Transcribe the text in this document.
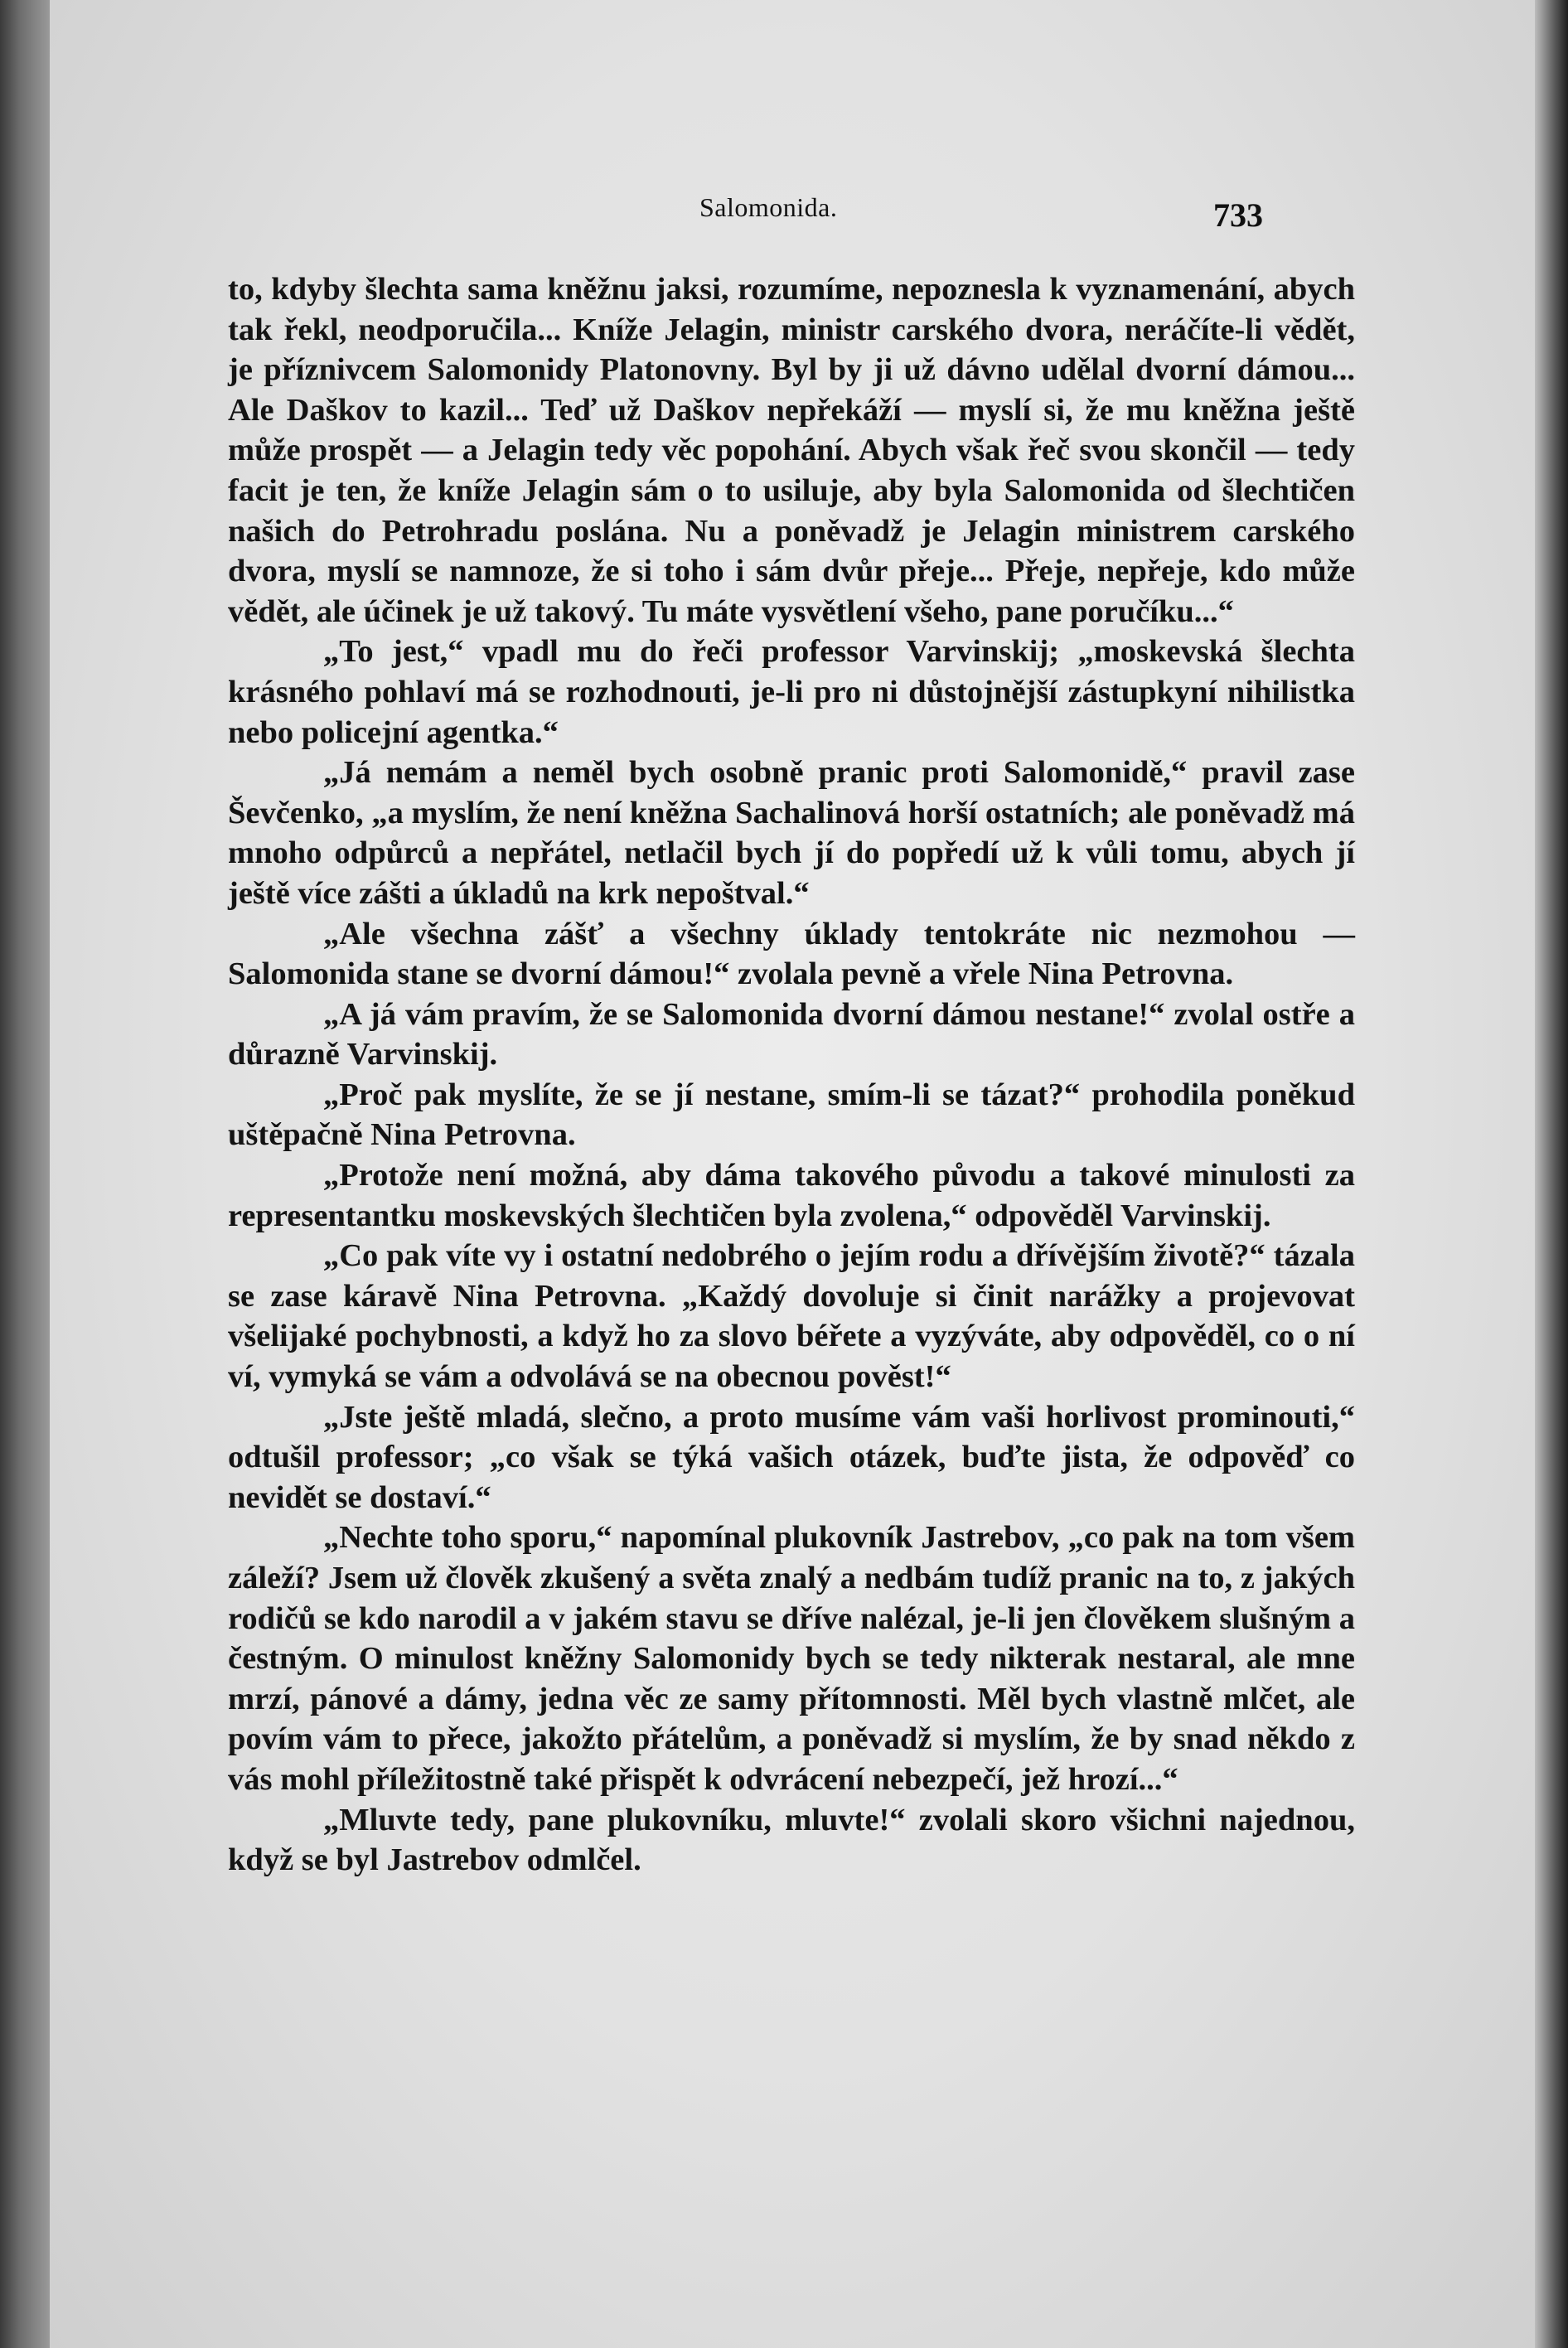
Salomonida.	733

to, kdyby šlechta sama kněžnu jaksi, rozumíme, nepoznesla k vyznamenání, abych tak řekl, neodporučila... Kníže Jelagin, ministr carského dvora, neráčíte-li vědět, je příznivcem Salomonidy Platonovny. Byl by ji už dávno udělal dvorní dámou... Ale Daškov to kazil... Teď už Daškov nepřekáží — myslí si, že mu kněžna ještě může prospět — a Jelagin tedy věc popohání. Abych však řeč svou skončil — tedy facit je ten, že kníže Jelagin sám o to usiluje, aby byla Salomonida od šlechtičen našich do Petrohradu poslána. Nu a poněvadž je Jelagin ministrem carského dvora, myslí se namnoze, že si toho i sám dvůr přeje... Přeje, nepřeje, kdo může vědět, ale účinek je už takový. Tu máte vysvětlení všeho, pane poručíku...“

„To jest,“ vpadl mu do řeči professor Varvinskij; „moskevská šlechta krásného pohlaví má se rozhodnouti, je-li pro ni důstojnější zástupkyní nihilistka nebo policejní agentka.“

„Já nemám a neměl bych osobně pranic proti Salomonidě,“ pravil zase Ševčenko, „a myslím, že není kněžna Sachalinová horší ostatních; ale poněvadž má mnoho odpůrců a nepřátel, netlačil bych jí do popředí už k vůli tomu, abych jí ještě více zášti a úkladů na krk nepoštval.“

„Ale všechna zášť a všechny úklady tentokráte nic nezmohou — Salomonida stane se dvorní dámou!“ zvolala pevně a vřele Nina Petrovna.

„A já vám pravím, že se Salomonida dvorní dámou nestane!“ zvolal ostře a důrazně Varvinskij.

„Proč pak myslíte, že se jí nestane, smím-li se tázat?“ prohodila poněkud uštěpačně Nina Petrovna.

„Protože není možná, aby dáma takového původu a takové minulosti za representantku moskevských šlechtičen byla zvolena,“ odpověděl Varvinskij.

„Co pak víte vy i ostatní nedobrého o jejím rodu a dřívějším životě?“ tázala se zase káravě Nina Petrovna. „Každý dovoluje si činit narážky a projevovat všelijaké pochybnosti, a když ho za slovo béřete a vyzýváte, aby odpověděl, co o ní ví, vymyká se vám a odvolává se na obecnou pověst!“

„Jste ještě mladá, slečno, a proto musíme vám vaši horlivost prominouti,“ odtušil professor; „co však se týká vašich otázek, buďte jista, že odpověď co nevidět se dostaví.“

„Nechte toho sporu,“ napomínal plukovník Jastrebov, „co pak na tom všem záleží? Jsem už člověk zkušený a světa znalý a nedbám tudíž pranic na to, z jakých rodičů se kdo narodil a v jakém stavu se dříve nalézal, je-li jen člověkem slušným a čestným. O minulost kněžny Salomonidy bych se tedy nikterak nestaral, ale mne mrzí, pánové a dámy, jedna věc ze samy přítomnosti. Měl bych vlastně mlčet, ale povím vám to přece, jakožto přátelům, a poněvadž si myslím, že by snad někdo z vás mohl příležitostně také přispět k odvrácení nebezpečí, jež hrozí...“

„Mluvte tedy, pane plukovníku, mluvte!“ zvolali skoro všichni najednou, když se byl Jastrebov odmlčel.
